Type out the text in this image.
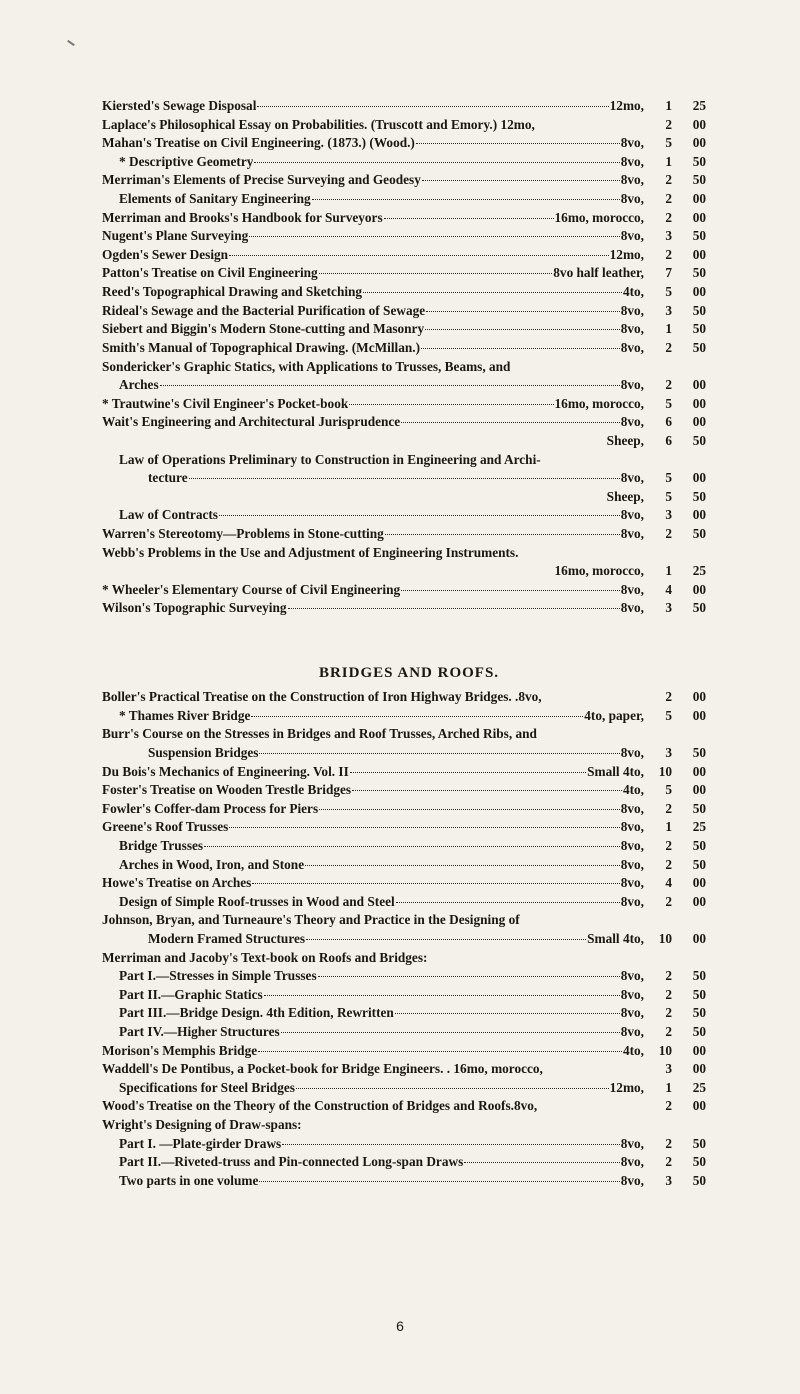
Kiersted's Sewage Disposal	12mo,	1	25
Laplace's Philosophical Essay on Probabilities. (Truscott and Emory.) 12mo,	2	00
Mahan's Treatise on Civil Engineering. (1873.) (Wood.)	8vo,	5	00
* Descriptive Geometry	8vo,	1	50
Merriman's Elements of Precise Surveying and Geodesy	8vo,	2	50
Elements of Sanitary Engineering	8vo,	2	00
Merriman and Brooks's Handbook for Surveyors	16mo, morocco,	2	00
Nugent's Plane Surveying	8vo,	3	50
Ogden's Sewer Design	12mo,	2	00
Patton's Treatise on Civil Engineering	8vo half leather,	7	50
Reed's Topographical Drawing and Sketching	4to,	5	00
Rideal's Sewage and the Bacterial Purification of Sewage	8vo,	3	50
Siebert and Biggin's Modern Stone-cutting and Masonry	8vo,	1	50
Smith's Manual of Topographical Drawing. (McMillan.)	8vo,	2	50
Sondericker's Graphic Statics, with Applications to Trusses, Beams, and
Arches	8vo,	2	00
* Trautwine's Civil Engineer's Pocket-book	16mo, morocco,	5	00
Wait's Engineering and Architectural Jurisprudence	8vo,	6	00
Sheep,	6	50
Law of Operations Preliminary to Construction in Engineering and Archi-
tecture	8vo,	5	00
Sheep,	5	50
Law of Contracts	8vo,	3	00
Warren's Stereotomy—Problems in Stone-cutting	8vo,	2	50
Webb's Problems in the Use and Adjustment of Engineering Instruments.
16mo, morocco,	1	25
* Wheeler's Elementary Course of Civil Engineering	8vo,	4	00
Wilson's Topographic Surveying	8vo,	3	50
BRIDGES AND ROOFS.
Boller's Practical Treatise on the Construction of Iron Highway Bridges. .8vo,	2	00
* Thames River Bridge	4to, paper,	5	00
Burr's Course on the Stresses in Bridges and Roof Trusses, Arched Ribs, and
Suspension Bridges	8vo,	3	50
Du Bois's Mechanics of Engineering. Vol. II	Small 4to,	10	00
Foster's Treatise on Wooden Trestle Bridges	4to,	5	00
Fowler's Coffer-dam Process for Piers	8vo,	2	50
Greene's Roof Trusses	8vo,	1	25
Bridge Trusses	8vo,	2	50
Arches in Wood, Iron, and Stone	8vo,	2	50
Howe's Treatise on Arches	8vo,	4	00
Design of Simple Roof-trusses in Wood and Steel	8vo,	2	00
Johnson, Bryan, and Turneaure's Theory and Practice in the Designing of
Modern Framed Structures	Small 4to,	10	00
Merriman and Jacoby's Text-book on Roofs and Bridges:
Part I.—Stresses in Simple Trusses	8vo,	2	50
Part II.—Graphic Statics	8vo,	2	50
Part III.—Bridge Design. 4th Edition, Rewritten	8vo,	2	50
Part IV.—Higher Structures	8vo,	2	50
Morison's Memphis Bridge	4to,	10	00
Waddell's De Pontibus, a Pocket-book for Bridge Engineers. . 16mo, morocco,	3	00
Specifications for Steel Bridges	12mo,	1	25
Wood's Treatise on the Theory of the Construction of Bridges and Roofs.8vo,	2	00
Wright's Designing of Draw-spans:
Part I. —Plate-girder Draws	8vo,	2	50
Part II.—Riveted-truss and Pin-connected Long-span Draws	8vo,	2	50
Two parts in one volume	8vo,	3	50
6
